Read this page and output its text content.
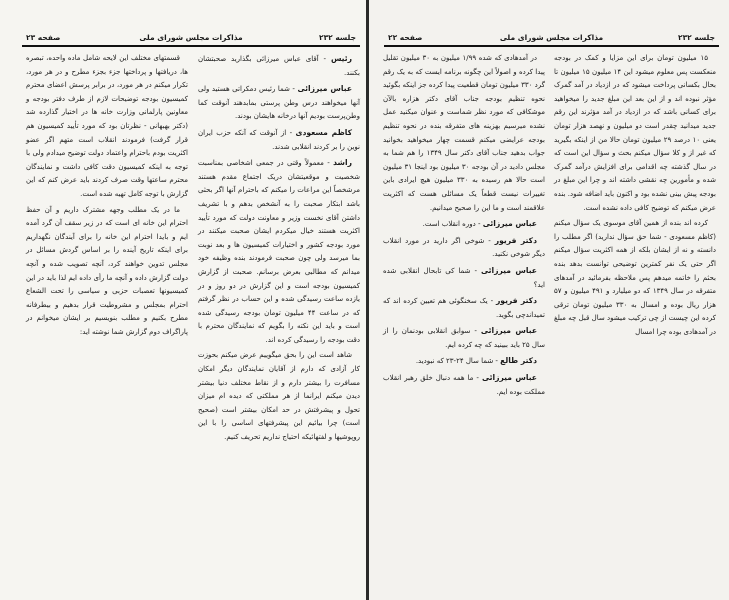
جلسه ۲۳۲
مذاکرات مجلس شورای ملی
صفحه ۲۳

رئیس - آقای عباس میرزائی بگذارید صحبتشان بکنند.

عباس میرزائی - شما رئیس دمکراتی هستید ولی آنها میخواهند درس وطن پرستی بمابدهند آنوقت کما وطن‌پرست بودیم آنها درخانه هایشان بودند.

کاظم مسعودی - از آنوقت که آنکه حزب ایران نوین را بر کردند انقلابی شدند.

راشد - معمولاً وقتی در جمعی اشخاصی بمناسبت شخصیت و موقعیتشان دریک اجتماع مقدم هستند مرشخصاً این مراعات را میکنم که باحترام آنها اگر بحثی باشد ابتکار صحبت را به آنشخص بدهم و با تشریف داشتن آقای نخست وزیر و معاونت دولت که مورد تأیید اکثریت هستند خیال میکردم ایشان صحبت میکنند در مورد بودجه کشور و اختیارات کمیسیون ها و بعد نوبت بما میرسد ولی چون صحبت فرمودند بنده وظیفه خود میدانم که مطالبی بعرض برسانم. صحبت از گزارش کمیسیون بودجه است و این گزارش در دو روز و در یازده ساعت رسیدگی شده و این حساب در نظر گرفتم که در ساعت ۴۴ میلیون تومان بودجه رسیدگی شده است و باید این نکته را بگویم که نمایندگان محترم با دقت بودجه را رسیدگی کرده اند.

شاهد است این را بحق میگوییم عرض میکنم بحوزت کار آزادی که دارم از آقایان نمایندگان دیگر امکان مسافرت را بیشتر دارم و از نقاط مختلف دنیا بیشتر دیدن میکنم ایرانما از هر مملکتی که دیده ام میزان تحول و پیشرفتش در حد امکان بیشتر است (صحیح است) چرا بیائیم این پیشرفتهای اساسی را با این روپوشیها و لفتهائیکه احتیاج نداریم تحریف کنیم.

قسمتهای مختلف این لایحه شامل ماده واحده، تبصره ها، دریافتها و پرداختها جزء بجزء مطرح و در هر مورد، تکرار میکنم در هر مورد، در برابر پرسش اعضای محترم کمیسیون بودجه توضیحات لازم از طرف دفتر بودجه و معاونین پارلمانی وزارت خانه ها در اختیار گذارده شد (دکتر بهبهانی - نظرتان بود که مورد تأیید کمیسیون هم قرار گرفت) فرمودند انقلاب است متهم اگر عضو اکثریت بودم باحترام واعتماد دولت توضیح میدادم ولی با توجه به اینکه کمیسیون دقت کافی داشت و نمایندگان محترم ساعتها وقت صرف کردند باید عرض کنم که این گزارش با توجه کامل تهیه شده است.

ما در یک مطلب وجهه مشترک داریم و آن حفظ احترام این خانه ای است که در زیر سقف آن گرد آمده ایم و بایدا احترام این خانه را برای آیندگان نگهداریم برای اینکه تاریخ آینده را بر اساس گردش مسائل در مجلس تدوین خواهند کرد، آنچه تصویب شده و آنچه دولت گزارش داده و آنچه ما رأی داده ایم لذا باید در این کمیسیونها تعصبات حزبی و سیاسی را تحت الشعاع احترام بمجلس و مشروطیت قرار بدهیم و بیطرفانه مطرح بکنیم و مطلب بنویسیم بر ایشان میخوانم در پاراگراف دوم گزارش شما نوشته اید:

جلسه ۲۳۲
مذاکرات مجلس شورای ملی
صفحه ۲۲

در آمدهادی که شده ۱/۹۹ میلیون به ۳۰ میلیون تقلیل پیدا کرده و اصولاً این چگونه برنامه ایست که به یک رقم گرد ۳۳۰ میلیون تومان قطعیت پیدا کرده جز اینکه بگوئید نحوه تنظیم بودجه جناب آقای دکتر هزاره بالآن موشکافی که مورد نظر شماست و عنوان میکنید عمل نشده میرسیم بهزینه های متفرقه بنده در نحوه تنظیم بودجه عرایضی میکنم قسمت چهار میخواهید بخوانید جواب بدهید جناب آقای دکتر سال ۱۳۴۹ را هم شما به مجلس دادید در آن بودجه ۳۰ میلیون بود اینجا ۳۱ میلیون است حالا هم رسیده به ۳۳۰ میلیون هیچ ایرادی باین تغییرات نیست قطعاً یک مسائلی هست که اکثریت علاقمند است و ما این را صحیح میدانیم.

عباس میرزائی - دوره انقلاب است.

دکتر فریور - شوخی اگر دارید در مورد انقلاب دیگر شوخی نکنید.

عباس میرزائی - شما کی تابحال انقلابی شده اید؟

دکتر فریور - یک سخنگوئی هم تعیین کرده اند که تمیداندچی بگوید.

عباس میرزائی - سوابق انقلابی بودنمان را از سال ۲۵ باید ببینید که چه کرده ایم.

دکتر طالع - شما سال ۲۴-۲۳ که نبودید.

عباس میرزائی - ما همه دنبال خلق رهبر انقلاب مملکت بوده ایم.

۱۵ میلیون تومان برای این مزایا و کمک در بودجه منعکست پس معلوم میشود این ۱۴ میلیون ۱۵ میلیون تا بحال بکسانی پرداخت میشود که در ازدیاد در آمد گمرک مؤثر نبوده اند و از این بعد این مبلغ جدید را میخواهید برای کسانی باشد که در ازدیاد در آمد مؤثرند این رقم جدید میدانید چقدر است دو میلیون و نهصد هزار تومان یعنی ۱۰ درصد ۲۹ میلیون تومان حالا من از اینکه بگیرید که غیر از و کلا سؤال میکنم بحث و سؤال این است که در سال گذشته چه اقدامی برای افزایش درآمد گمرک شده و مأمورین چه نقشی داشته اند و چرا این مبلغ در بودجه پیش بینی نشده بود و اکنون باید اضافه شود. بنده عرض میکنم که توضیح کافی داده نشده است.

کرده اند بنده از همین آقای موسوی یک سؤال میکنم (کاظم مسعودی - شما حق سؤال ندارید) اگر مطلب را دانسته و نه از ایشان بلکه از همه اکثریت سؤال میکنم اگر حتی یک نفر کمترین توضیحی توانست بدهد بنده بحثم را خاتمه میدهم پس ملاحظه بفرمائید در آمدهای متفرقه در سال ۱۳۴۹ که دو میلیارد و ۴۹۱ میلیون و ۵۷ هزار ریال بوده و امسال به ۳۳۰ میلیون تومان ترقی کرده این چیست از چی ترکیب میشود سال قبل چه مبلغ در آمدهادی بوده چرا امسال
